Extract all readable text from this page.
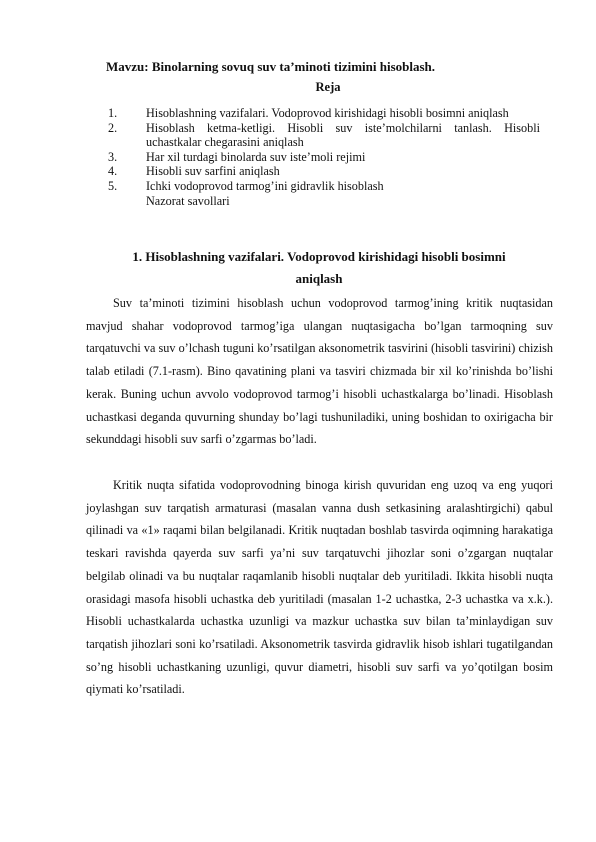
Mavzu: Binolarning sovuq suv ta’minoti tizimini hisoblash.
Reja
1.	Hisoblashning vazifalari. Vodoprovod kirishidagi hisobli bosimni aniqlash
2.	Hisoblash ketma-ketligi. Hisobli suv iste’molchilarni tanlash. Hisobli uchastkalar chegarasini aniqlash
3.	Har xil turdagi binolarda suv iste’moli rejimi
4.	Hisobli suv sarfini aniqlash
5.	Ichki vodoprovod tarmog’ini gidravlik hisoblash
Nazorat savollari
1. Hisoblashning vazifalari. Vodoprovod kirishidagi hisobli bosimni
aniqlash
Suv ta’minoti tizimini hisoblash uchun vodoprovod tarmog’ining kritik nuqtasidan mavjud shahar vodoprovod tarmog’iga ulangan nuqtasigacha bo’lgan tarmoqning suv tarqatuvchi va suv o’lchash tuguni ko’rsatilgan aksonometrik tasvirini (hisobli tasvirini) chizish talab etiladi (7.1-rasm). Bino qavatining plani va tasviri chizmada bir xil ko’rinishda bo’lishi kerak. Buning uchun avvolo vodoprovod tarmog’i hisobli uchastkalarga bo’linadi. Hisoblash uchastkasi deganda quvurning shunday bo’lagi tushuniladiki, uning boshidan to oxirigacha bir sekunddagi hisobli suv sarfi o’zgarmas bo’ladi.
Kritik nuqta sifatida vodoprovodning binoga kirish quvuridan eng uzoq va eng yuqori joylashgan suv tarqatish armaturasi (masalan vanna dush setkasining aralashtirgichi) qabul qilinadi va «1» raqami bilan belgilanadi. Kritik nuqtadan boshlab tasvirda oqimning harakatiga teskari ravishda qayerda suv sarfi ya’ni suv tarqatuvchi jihozlar soni o’zgargan nuqtalar belgilab olinadi va bu nuqtalar raqamlanib hisobli nuqtalar deb yuritiladi. Ikkita hisobli nuqta orasidagi masofa hisobli uchastka deb yuritiladi (masalan 1-2 uchastka, 2-3 uchastka va x.k.). Hisobli uchastkalarda uchastka uzunligi va mazkur uchastka suv bilan ta’minlaydigan suv tarqatish jihozlari soni ko’rsatiladi. Aksonometrik tasvirda gidravlik hisob ishlari tugatilgandan so’ng hisobli uchastkaning uzunligi, quvur diametri, hisobli suv sarfi va yo’qotilgan bosim qiymati ko’rsatiladi.
